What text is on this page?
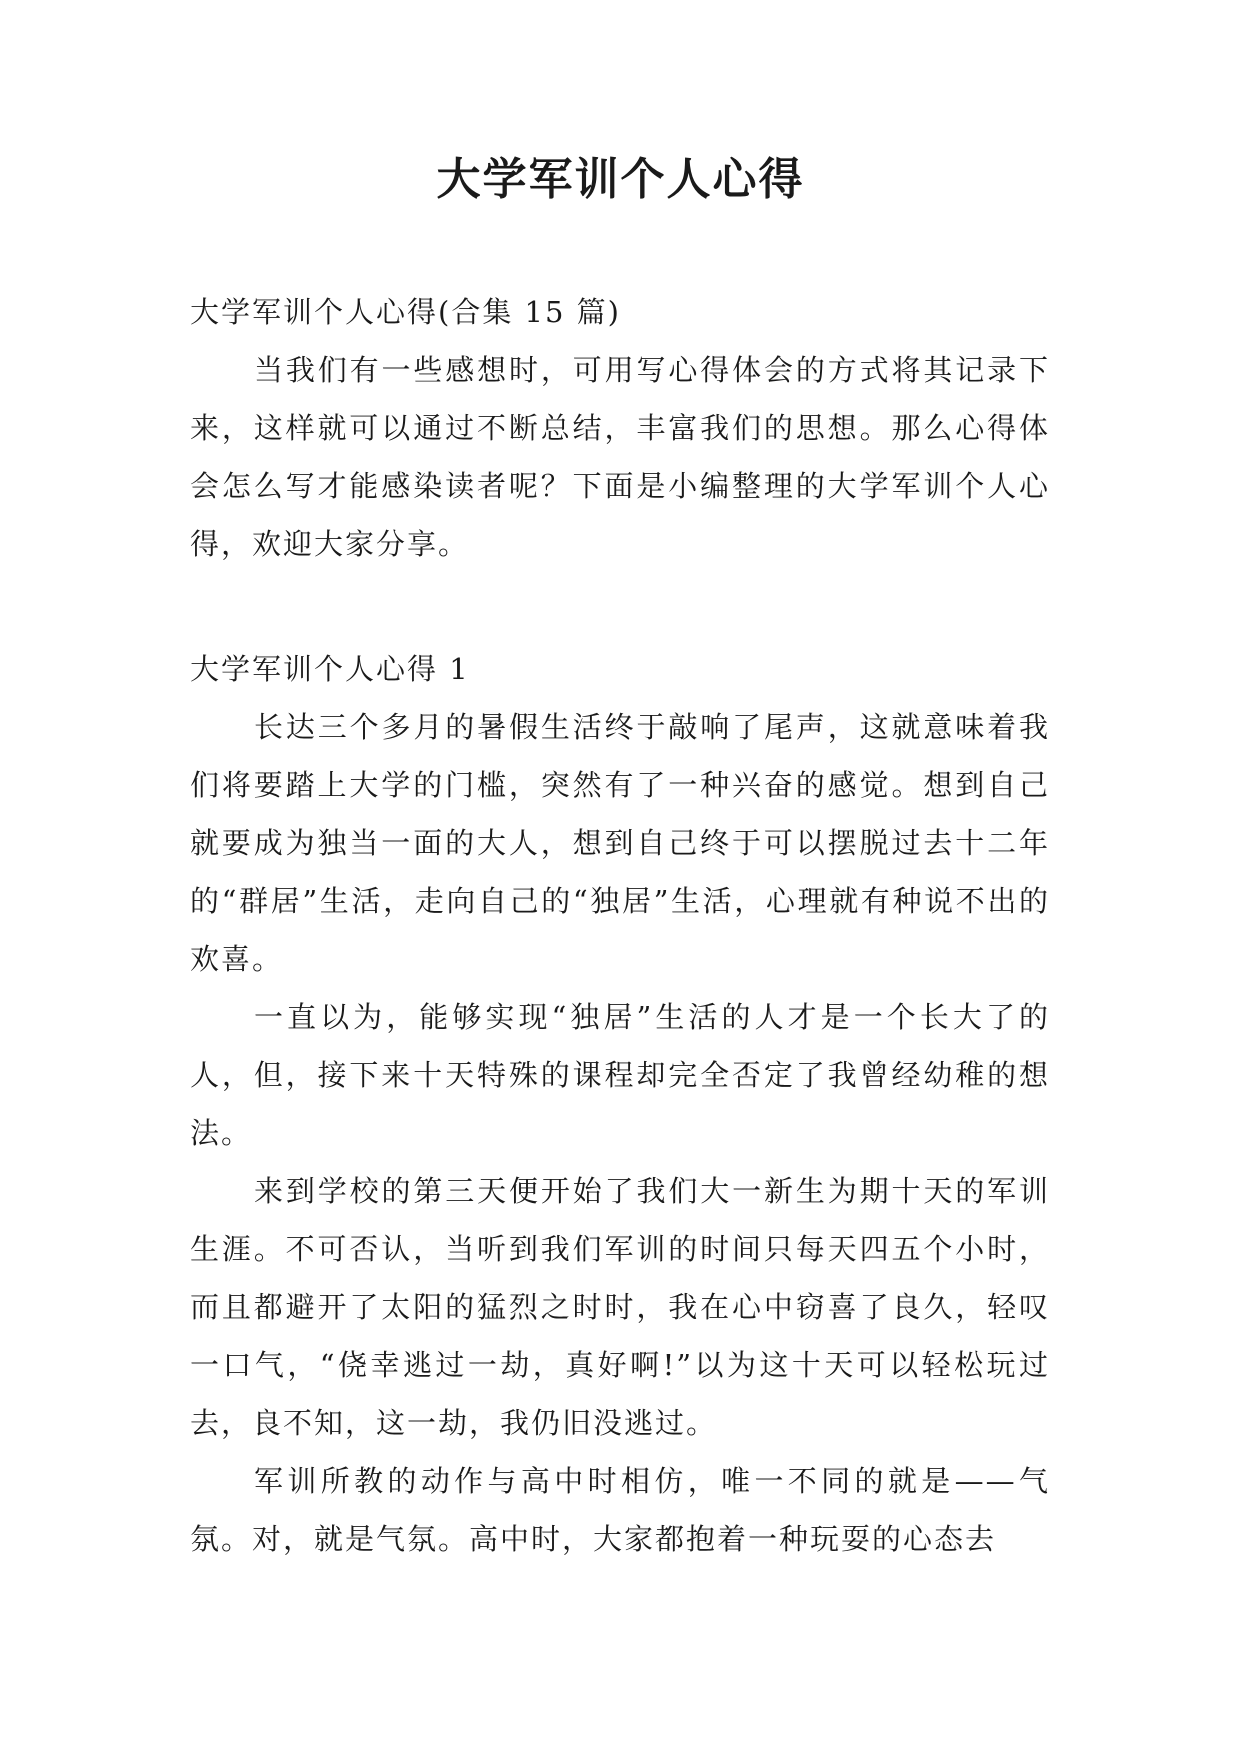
大学军训个人心得

大学军训个人心得(合集 15 篇)

当我们有一些感想时，可用写心得体会的方式将其记录下来，这样就可以通过不断总结，丰富我们的思想。那么心得体会怎么写才能感染读者呢？下面是小编整理的大学军训个人心得，欢迎大家分享。

大学军训个人心得 1

长达三个多月的暑假生活终于敲响了尾声，这就意味着我们将要踏上大学的门槛，突然有了一种兴奋的感觉。想到自己就要成为独当一面的大人，想到自己终于可以摆脱过去十二年的“群居”生活，走向自己的“独居”生活，心理就有种说不出的欢喜。

一直以为，能够实现“独居”生活的人才是一个长大了的人，但，接下来十天特殊的课程却完全否定了我曾经幼稚的想法。

来到学校的第三天便开始了我们大一新生为期十天的军训生涯。不可否认，当听到我们军训的时间只每天四五个小时，而且都避开了太阳的猛烈之时时，我在心中窃喜了良久，轻叹一口气，“侥幸逃过一劫，真好啊!”以为这十天可以轻松玩过去，良不知，这一劫，我仍旧没逃过。

军训所教的动作与高中时相仿，唯一不同的就是——气氛。对，就是气氛。高中时，大家都抱着一种玩耍的心态去
